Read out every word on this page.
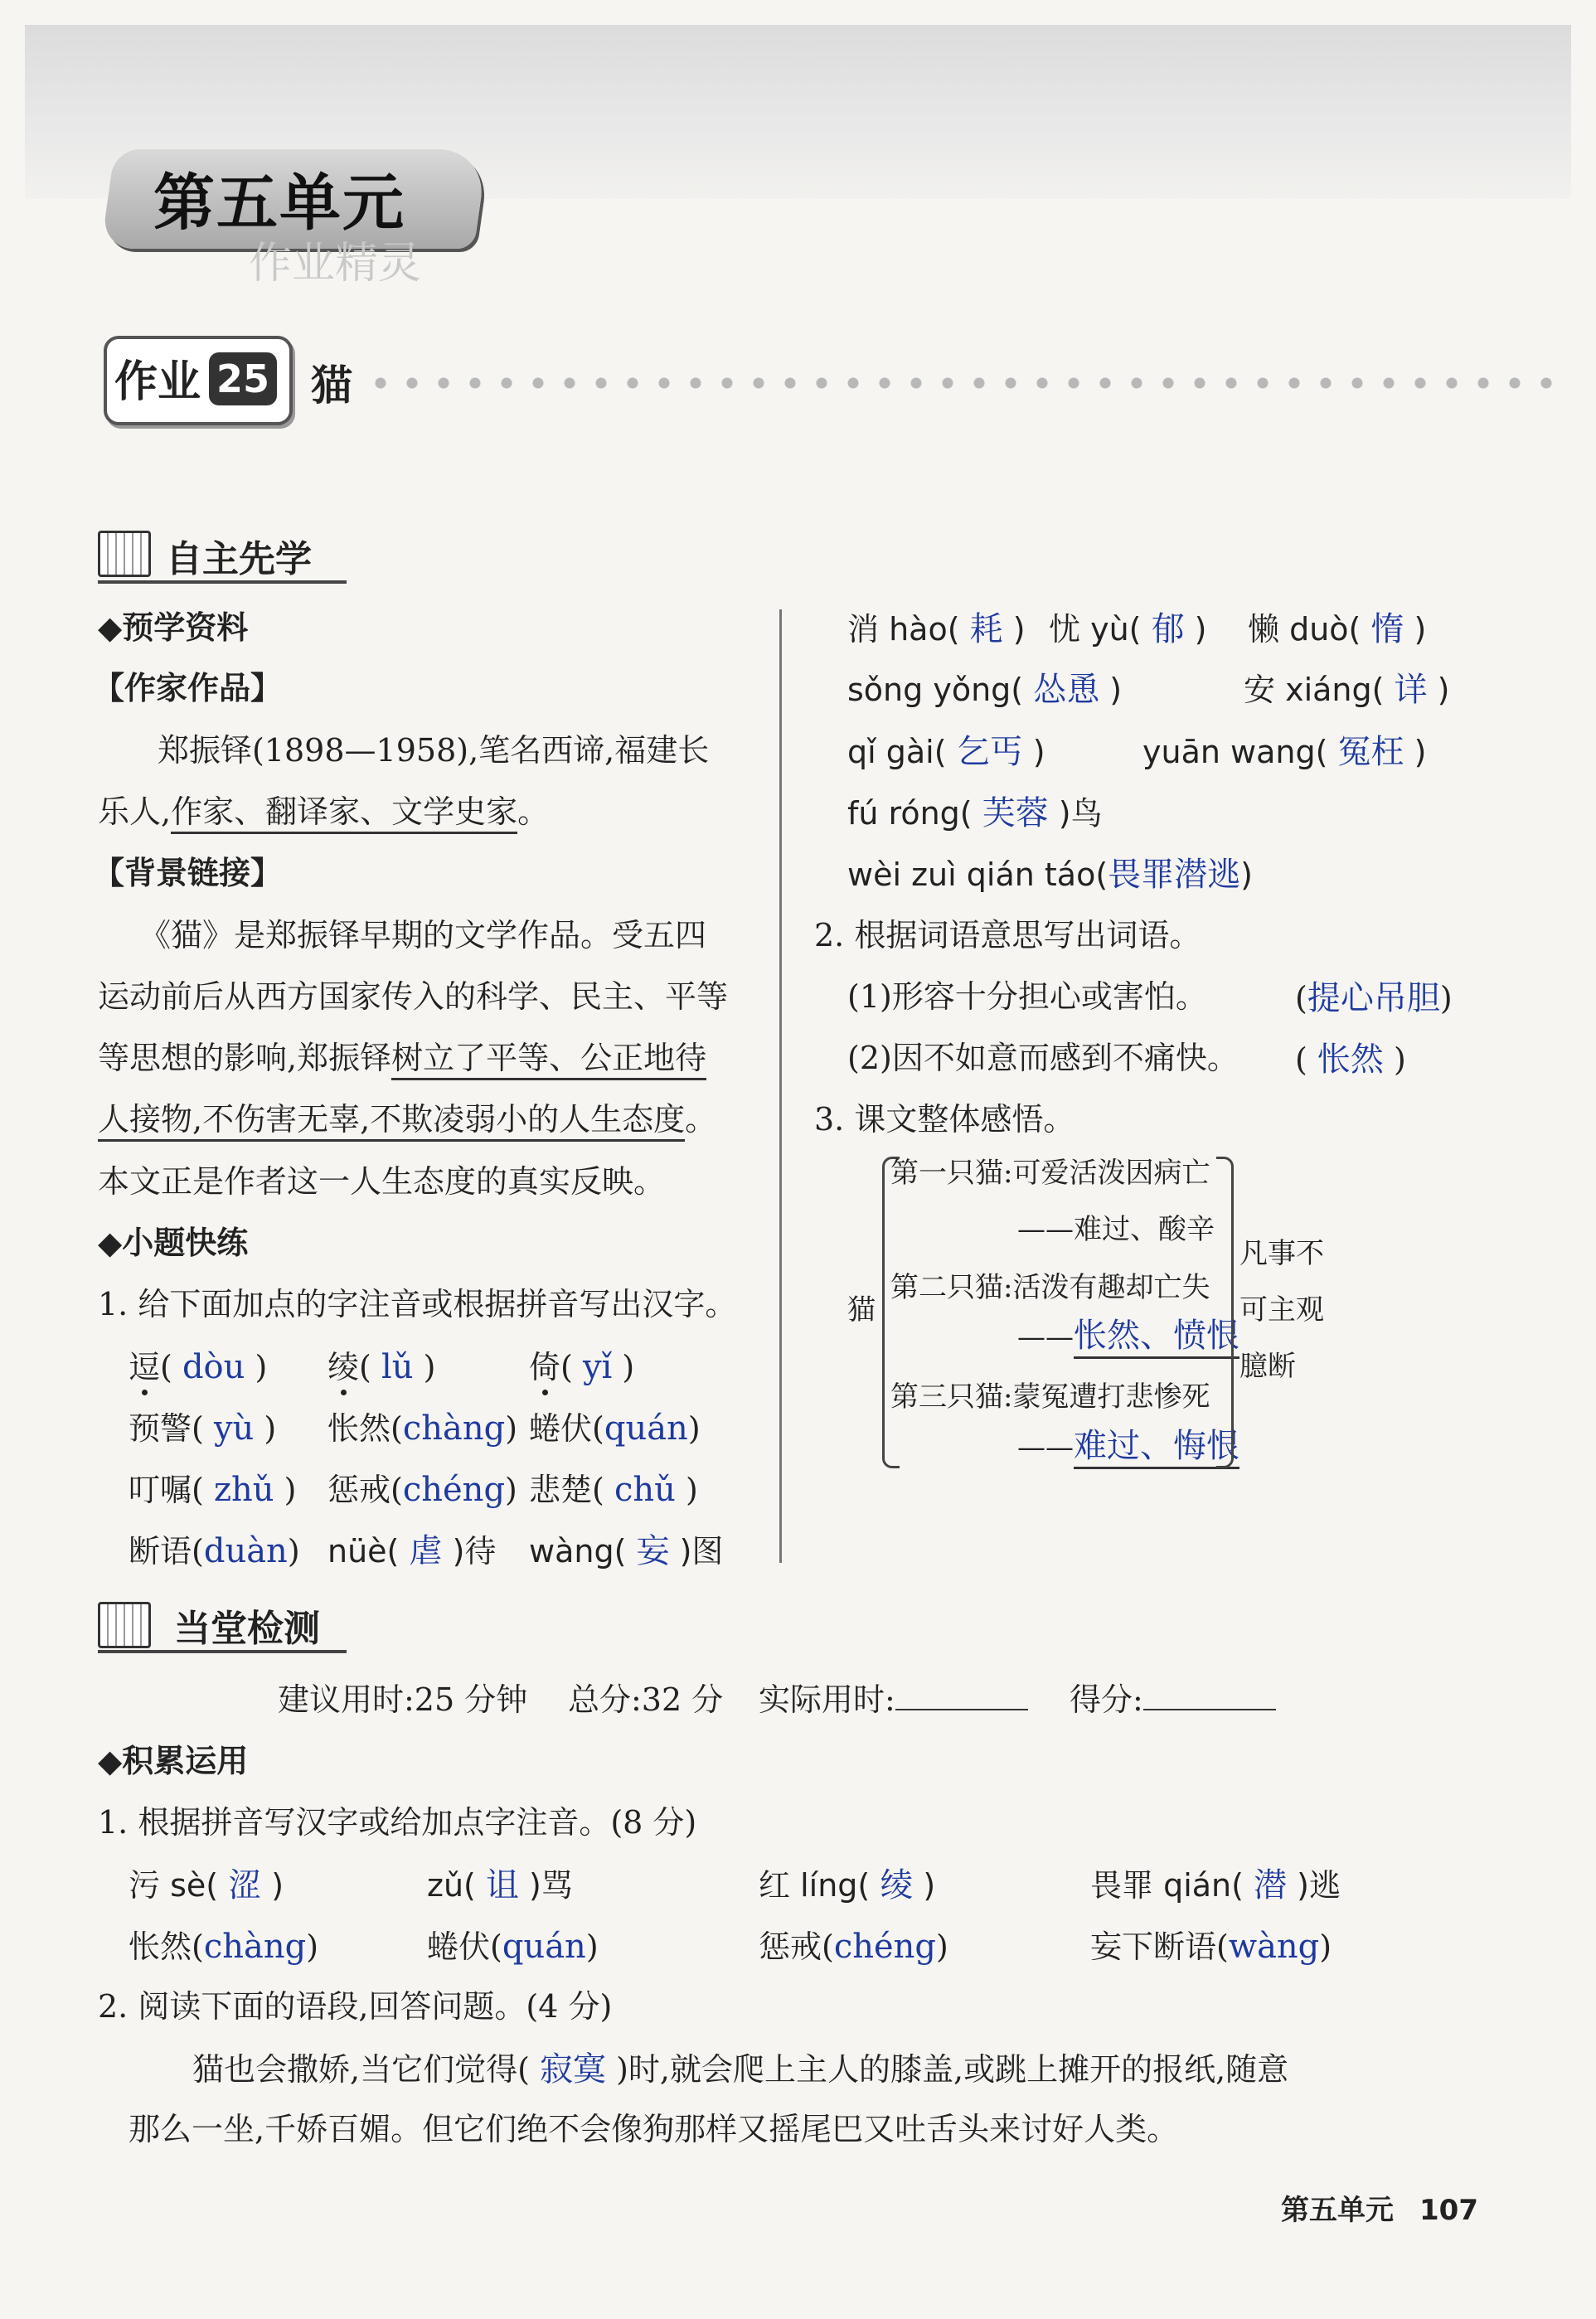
第五单元
作业精灵
作业 25 猫
自主先学
◆预学资料
【作家作品】
郑振铎(1898—1958),笔名西谛,福建长
乐人,作家、翻译家、文学史家。
【背景链接】
《猫》是郑振铎早期的文学作品。受五四
运动前后从西方国家传入的科学、民主、平等
等思想的影响,郑振铎树立了平等、公正地待
人接物,不伤害无辜,不欺凌弱小的人生态度。
本文正是作者这一人生态度的真实反映。
◆小题快练
1. 给下面加点的字注音或根据拼音写出汉字。
逗( dòu ) 绫( lǔ )	倚( yǐ )
预警( yù ) 怅然(chàng) 蜷伏(quán)
叮嘱( zhǔ ) 惩戒(chéng) 悲楚( chǔ )
断语(duàn) nüè( 虐 )待 wàng( 妄 )图
消 hào( 耗 ) 忧 yù( 郁 ) 懒 duò( 惰 )
sǒng yǒng( 怂恿 )	安 xiáng( 详 )
qǐ gài( 乞丐 )	yuān wang( 冤枉 )
fú róng( 芙蓉 )鸟
wèi zuì qián táo(畏罪潜逃)
2. 根据词语意思写出词语。
(1)形容十分担心或害怕。	(提心吊胆)
(2)因不如意而感到不痛快。 ( 怅然 )
3. 课文整体感悟。
猫
第一只猫:可爱活泼因病亡
——难过、酸辛
第二只猫:活泼有趣却亡失
——怅然、愤恨
第三只猫:蒙冤遭打悲惨死
——难过、悔恨
凡事不
可主观
臆断
当堂检测
建议用时:25 分钟 总分:32 分 实际用时:	得分:
◆积累运用
1. 根据拼音写汉字或给加点字注音。(8 分)
污 sè( 涩 )	zǔ( 诅 )骂	红 líng( 绫 )	畏罪 qián( 潜 )逃
怅然(chàng)	蜷伏(quán)	惩戒(chéng)	妄下断语(wàng)
2. 阅读下面的语段,回答问题。(4 分)
猫也会撒娇,当它们觉得( 寂寞 )时,就会爬上主人的膝盖,或跳上摊开的报纸,随意
那么一坐,千娇百媚。但它们绝不会像狗那样又摇尾巴又吐舌头来讨好人类。
第五单元 107
